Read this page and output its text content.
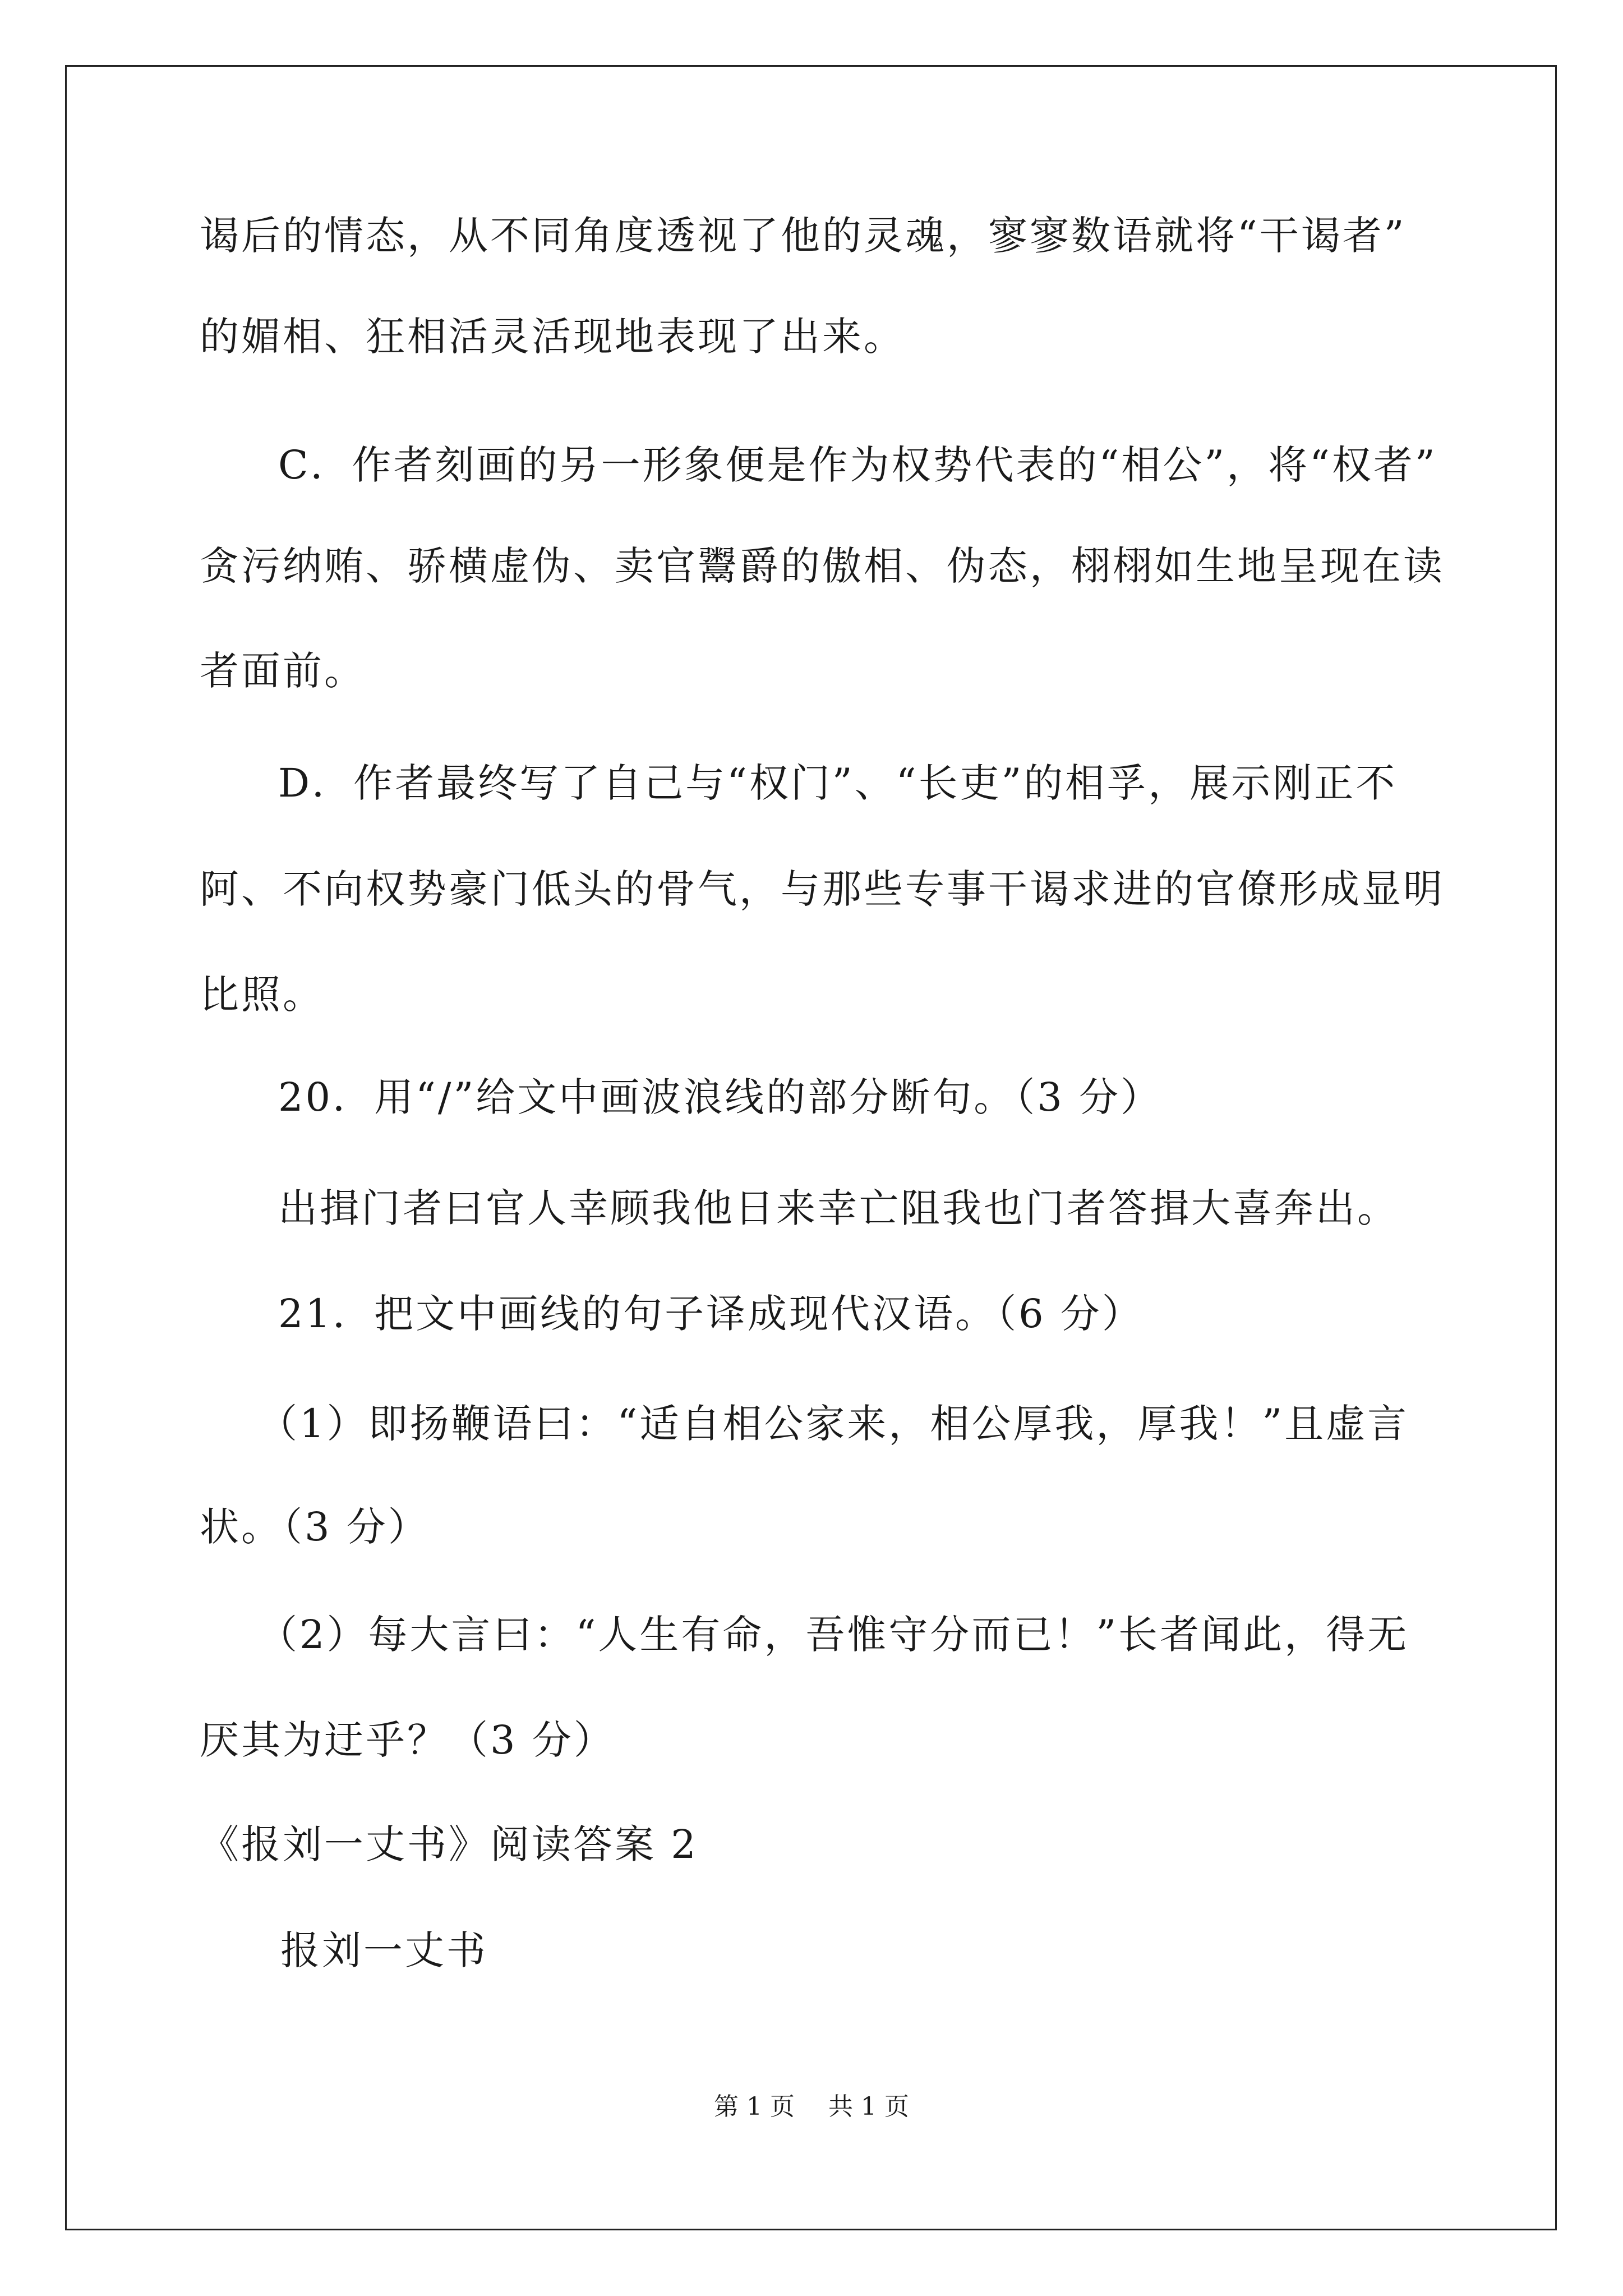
谒后的情态，从不同角度透视了他的灵魂，寥寥数语就将“干谒者”
的媚相、狂相活灵活现地表现了出来。
C．作者刻画的另一形象便是作为权势代表的“相公”，将“权者”
贪污纳贿、骄横虚伪、卖官鬻爵的傲相、伪态，栩栩如生地呈现在读
者面前。
D．作者最终写了自己与“权门”、“长吏”的相孚，展示刚正不
阿、不向权势豪门低头的骨气，与那些专事干谒求进的官僚形成显明
比照。
20．用“/”给文中画波浪线的部分断句。（3 分）
出揖门者曰官人幸顾我他日来幸亡阻我也门者答揖大喜奔出。
21．把文中画线的句子译成现代汉语。（6 分）
（1）即扬鞭语曰：“适自相公家来，相公厚我，厚我！”且虚言
状。（3 分）
（2）每大言曰：“人生有命，吾惟守分而已！”长者闻此，得无
厌其为迂乎？（3 分）
《报刘一丈书》阅读答案 2
报刘一丈书
第 1 页 共 1 页
